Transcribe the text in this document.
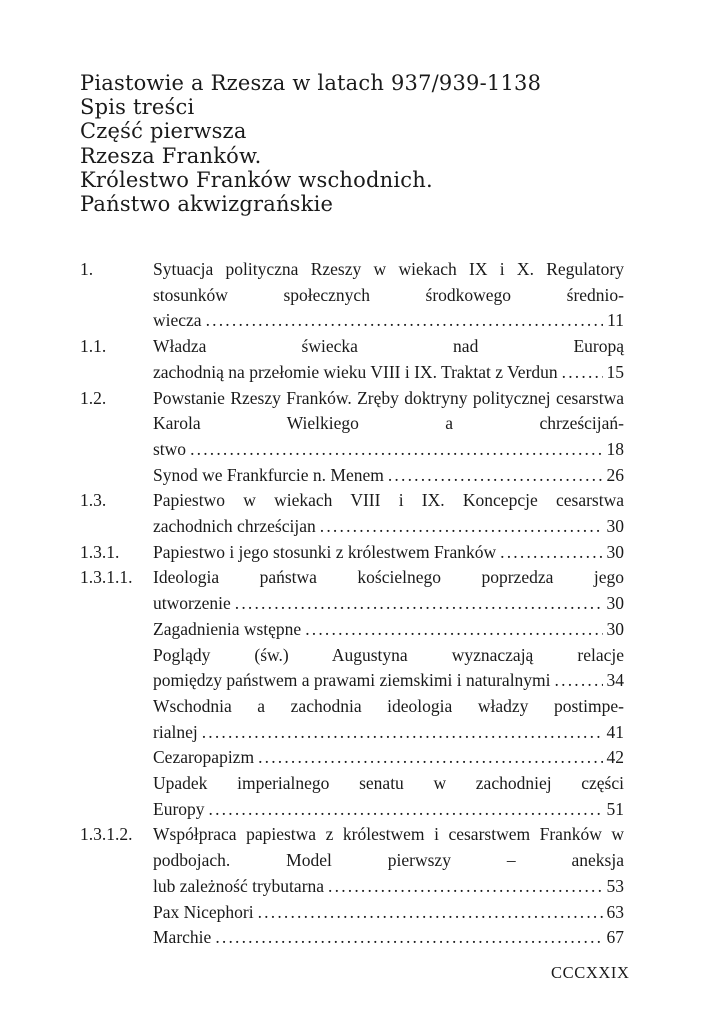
Piastowie a Rzesza w latach 937/939-1138
Spis treści
Część pierwsza
Rzesza Franków.
Królestwo Franków wschodnich.
Państwo akwizgrańskie
1.	Sytuacja polityczna Rzeszy w wiekach IX i X. Regulatory stosunków społecznych środkowego średnio-
wiecza .....	11
1.1.	Władza świecka nad Europą
zachodnią na przełomie wieku VIII i IX. Traktat z Verdun .....	15
1.2.	Powstanie Rzeszy Franków. Zręby doktryny politycznej cesarstwa Karola Wielkiego a chrześcijań-
stwo .....	18
Synod we Frankfurcie n. Menem .....	26
1.3.	Papiestwo w wiekach VIII i IX. Koncepcje cesarstwa
zachodnich chrześcijan .....	30
1.3.1. Papiestwo i jego stosunki z królestwem Franków .....	30
1.3.1.1. Ideologia państwa kościelnego poprzedza jego
utworzenie .....	30
Zagadnienia wstępne .....	30
Poglądy (św.) Augustyna wyznaczają relacje
pomiędzy państwem a prawami ziemskimi i naturalnymi .....	34
Wschodnia a zachodnia ideologia władzy postimpe-
rialnej .....	41
Cezaropapizm .....	42
Upadek imperialnego senatu w zachodniej części
Europy .....	51
1.3.1.2. Współpraca papiestwa z królestwem i cesarstwem Franków w podbojach. Model pierwszy – aneksja
lub zależność trybutarna .....	53
Pax Nicephori .....	63
Marchie .....	67
CCCXXIX
